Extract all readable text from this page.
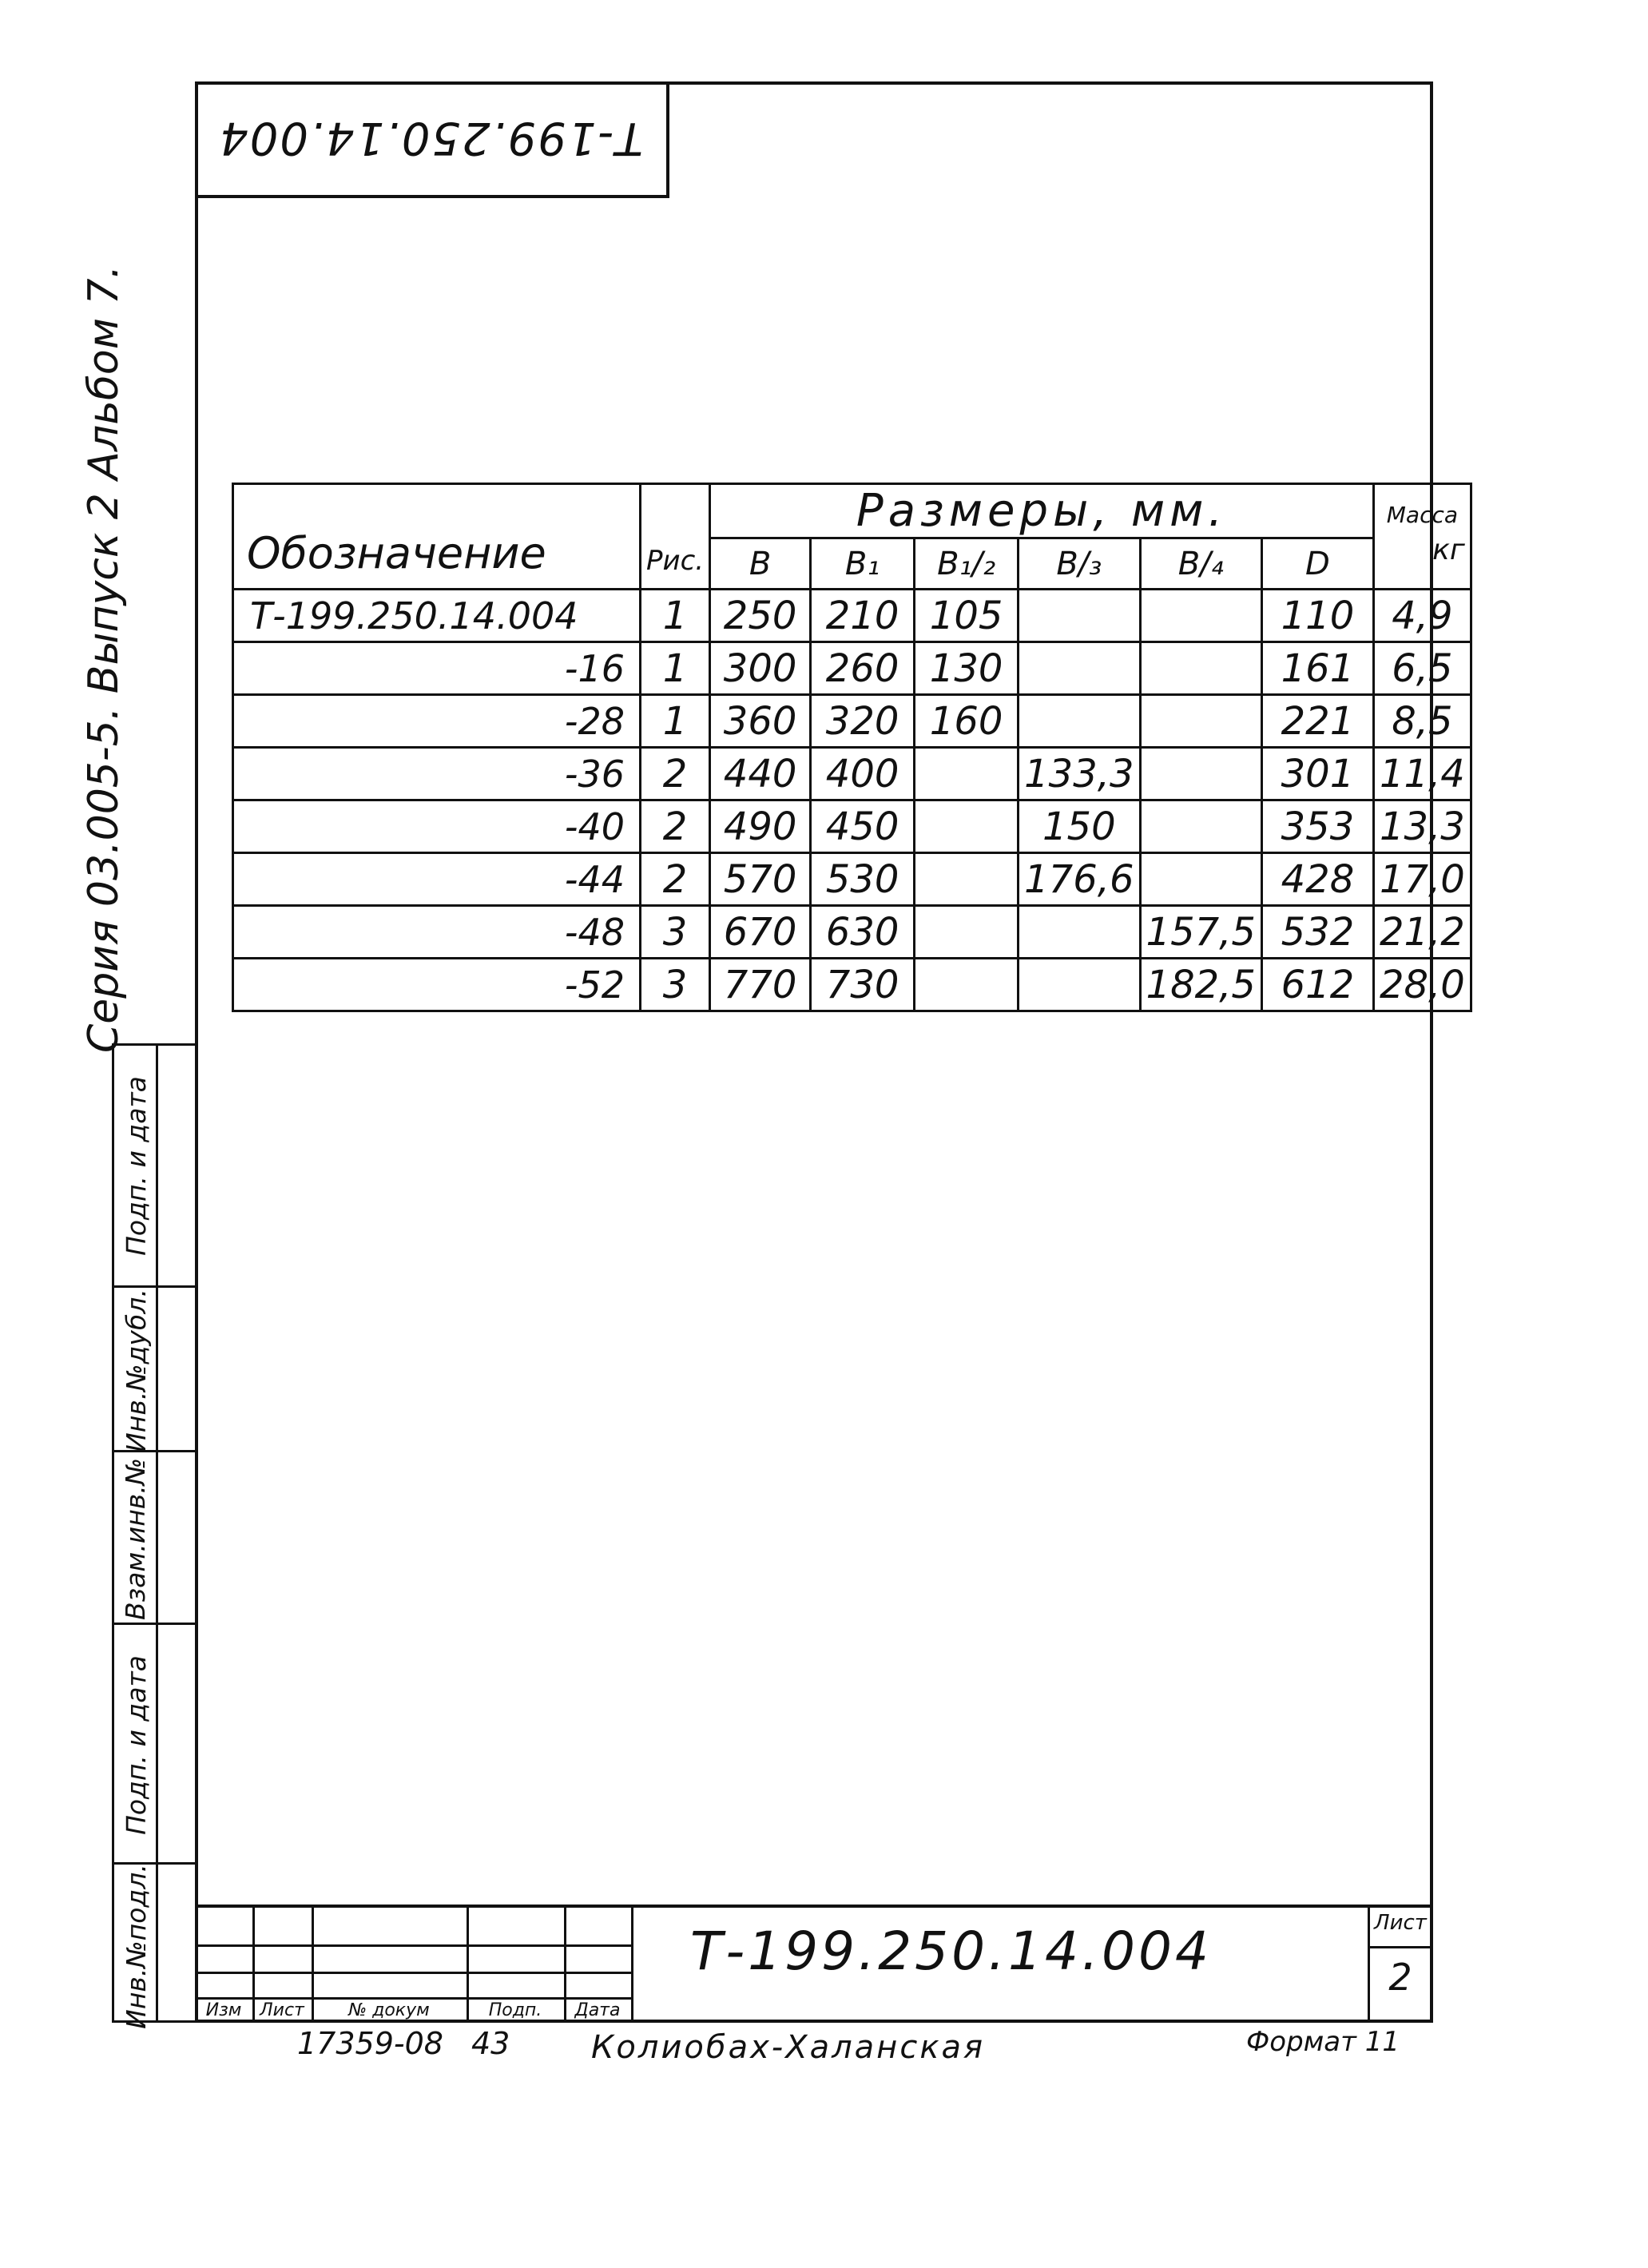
Т-199.250.14.004
Серия 03.005-5. Выпуск 2 Альбом 7.
Подп. и дата
Инв.№дубл.
Взам.инв.№
Подп. и дата
Инв.№подл.
Обозначение	Рис.	Размеры, мм.						Масса
кг

		В	В₁	В₁/₂	В/₃	В/₄	D	
Т-199.250.14.004	1	250	210	105			110	4,9
-16	1	300	260	130			161	6,5
-28	1	360	320	160			221	8,5
-36	2	440	400		133,3		301	11,4
-40	2	490	450		150		353	13,3
-44	2	570	530		176,6		428	17,0
-48	3	670	630			157,5	532	21,2
-52	3	770	730			182,5	612	28,0
Изм	Лист	№ докум	Подп.	Дата
Т-199.250.14.004	Лист
2
17359-08 43	Колиобах-Халанская	Формат 11
